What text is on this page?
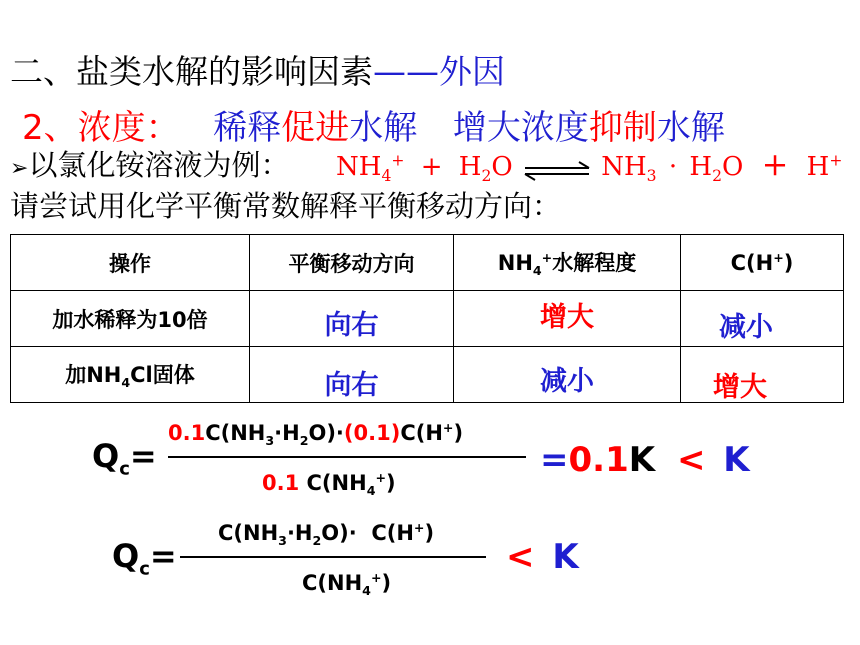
二、盐类水解的影响因素——外因
2、浓度： 稀释促进水解 增大浓度抑制水解
➢以氯化铵溶液为例： $NH_4^+ + H_2O$ ⇌ $NH_3 \cdot H_2O + H^+$
请尝试用化学平衡常数解释平衡移动方向：
操作	平衡移动方向	$NH_4^+$水解程度	C(H+)
加水稀释为10倍	向右	增大	减小
加$NH_4Cl$固体	向右	减小	增大
$Q_c=$
$0.1C(NH_3\cdot H_2O)\cdot(0.1)C(H^+)$
0.1 $C(NH_4^+)$
=0.1K < K
$Q_c=$
$C(NH_3\cdot H_2O)\cdot C(H^+)$
$C(NH_4^+)$
< K
